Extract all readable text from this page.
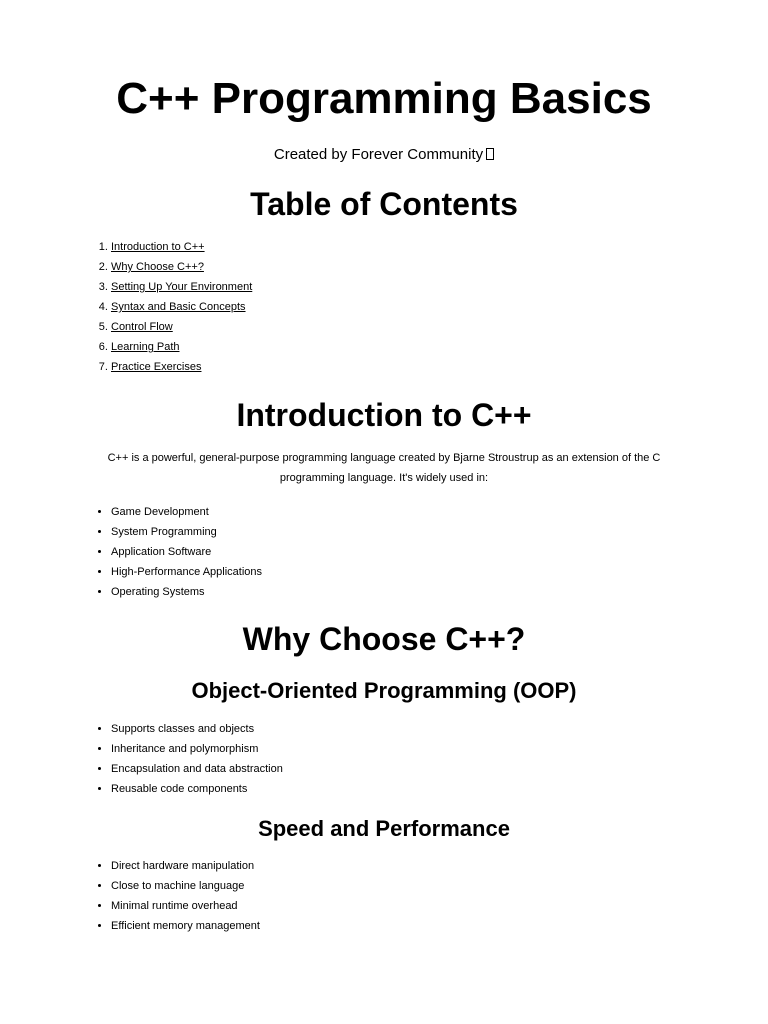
C++ Programming Basics

Created by Forever Community

Table of Contents
1. Introduction to C++
2. Why Choose C++?
3. Setting Up Your Environment
4. Syntax and Basic Concepts
5. Control Flow
6. Learning Path
7. Practice Exercises
Introduction to C++

C++ is a powerful, general-purpose programming language created by Bjarne Stroustrup as an extension of the C programming language. It's widely used in:

• Game Development
• System Programming
• Application Software
• High-Performance Applications
• Operating Systems
Why Choose C++?
Object-Oriented Programming (OOP)
• Supports classes and objects
• Inheritance and polymorphism
• Encapsulation and data abstraction
• Reusable code components
Speed and Performance
• Direct hardware manipulation
• Close to machine language
• Minimal runtime overhead
• Efficient memory management
